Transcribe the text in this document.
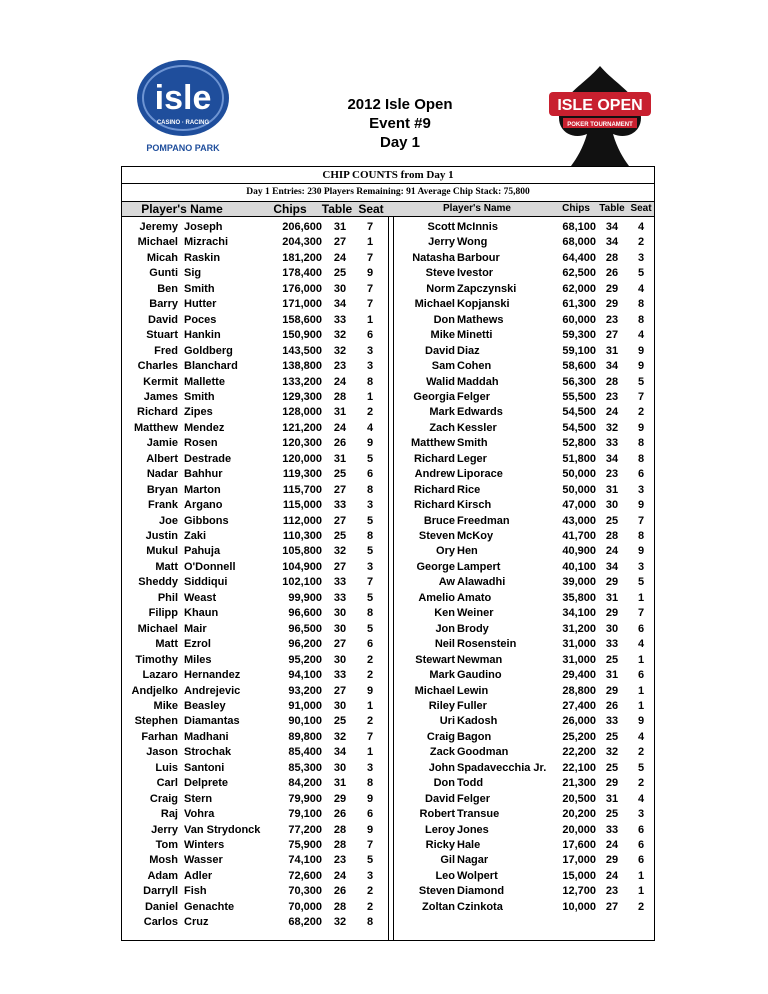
isle
CASINO · RACING
POMPANO PARK
2012 Isle Open
Event #9
Day 1
ISLE OPEN
POKER TOURNAMENT
CHIP COUNTS from Day 1
Day 1 Entries: 230 Players Remaining: 91 Average Chip Stack: 75,800
Player's Name	Chips Table Seat	Player's Name	Chips Table Seat
Jeremy Joseph	206,600	31	7
Michael Mizrachi	204,300	27	1
Micah Raskin	181,200	24	7
Gunti Sig	178,400	25	9
Ben Smith	176,000	30	7
Barry Hutter	171,000	34	7
David Poces	158,600	33	1
Stuart Hankin	150,900	32	6
Fred Goldberg	143,500	32	3
Charles Blanchard	138,800	23	3
Kermit Mallette	133,200	24	8
James Smith	129,300	28	1
Richard Zipes	128,000	31	2
Matthew Mendez	121,200	24	4
Jamie Rosen	120,300	26	9
Albert Destrade	120,000	31	5
Nadar Bahhur	119,300	25	6
Bryan Marton	115,700	27	8
Frank Argano	115,000	33	3
Joe Gibbons	112,000	27	5
Justin Zaki	110,300	25	8
Mukul Pahuja	105,800	32	5
Matt O'Donnell	104,900	27	3
Sheddy Siddiqui	102,100	33	7
Phil Weast	99,900	33	5
Filipp Khaun	96,600	30	8
Michael Mair	96,500	30	5
Matt Ezrol	96,200	27	6
Timothy Miles	95,200	30	2
Lazaro Hernandez	94,100	33	2
Andjelko Andrejevic	93,200	27	9
Mike Beasley	91,000	30	1
Stephen Diamantas	90,100	25	2
Farhan Madhani	89,800	32	7
Jason Strochak	85,400	34	1
Luis Santoni	85,300	30	3
Carl Delprete	84,200	31	8
Craig Stern	79,900	29	9
Raj Vohra	79,100	26	6
Jerry Van Strydonck	77,200	28	9
Tom Winters	75,900	28	7
Mosh Wasser	74,100	23	5
Adam Adler	72,600	24	3
Darryll Fish	70,300	26	2
Daniel Genachte	70,000	28	2
Carlos Cruz	68,200	32	8
Scott McInnis	68,100 34	4
Jerry Wong	68,000 34	2
Natasha Barbour	64,400 28	3
Steve Ivestor	62,500 26	5
Norm Zapczynski	62,000 29	4
Michael Kopjanski	61,300 29	8
Don Mathews	60,000 23	8
Mike Minetti	59,300 27	4
David Diaz	59,100 31	9
Sam Cohen	58,600 34	9
Walid Maddah	56,300 28	5
Georgia Felger	55,500 23	7
Mark Edwards	54,500 24	2
Zach Kessler	54,500 32	9
Matthew Smith	52,800 33	8
Richard Leger	51,800 34	8
Andrew Liporace	50,000 23	6
Richard Rice	50,000 31	3
Richard Kirsch	47,000 30	9
Bruce Freedman	43,000 25	7
Steven McKoy	41,700 28	8
Ory Hen	40,900 24	9
George Lampert	40,100 34	3
Aw Alawadhi	39,000 29	5
Amelio Amato	35,800 31	1
Ken Weiner	34,100 29	7
Jon Brody	31,200 30	6
Neil Rosenstein	31,000 33	4
Stewart Newman	31,000 25	1
Mark Gaudino	29,400 31	6
Michael Lewin	28,800 29	1
Riley Fuller	27,400 26	1
Uri Kadosh	26,000 33	9
Craig Bagon	25,200 25	4
Zack Goodman	22,200 32	2
John Spadavecchia Jr.	22,100 25	5
Don Todd	21,300 29	2
David Felger	20,500 31	4
Robert Transue	20,200 25	3
Leroy Jones	20,000 33	6
Ricky Hale	17,600 24	6
Gil Nagar	17,000 29	6
Leo Wolpert	15,000 24	1
Steven Diamond	12,700 23	1
Zoltan Czinkota	10,000 27	2
